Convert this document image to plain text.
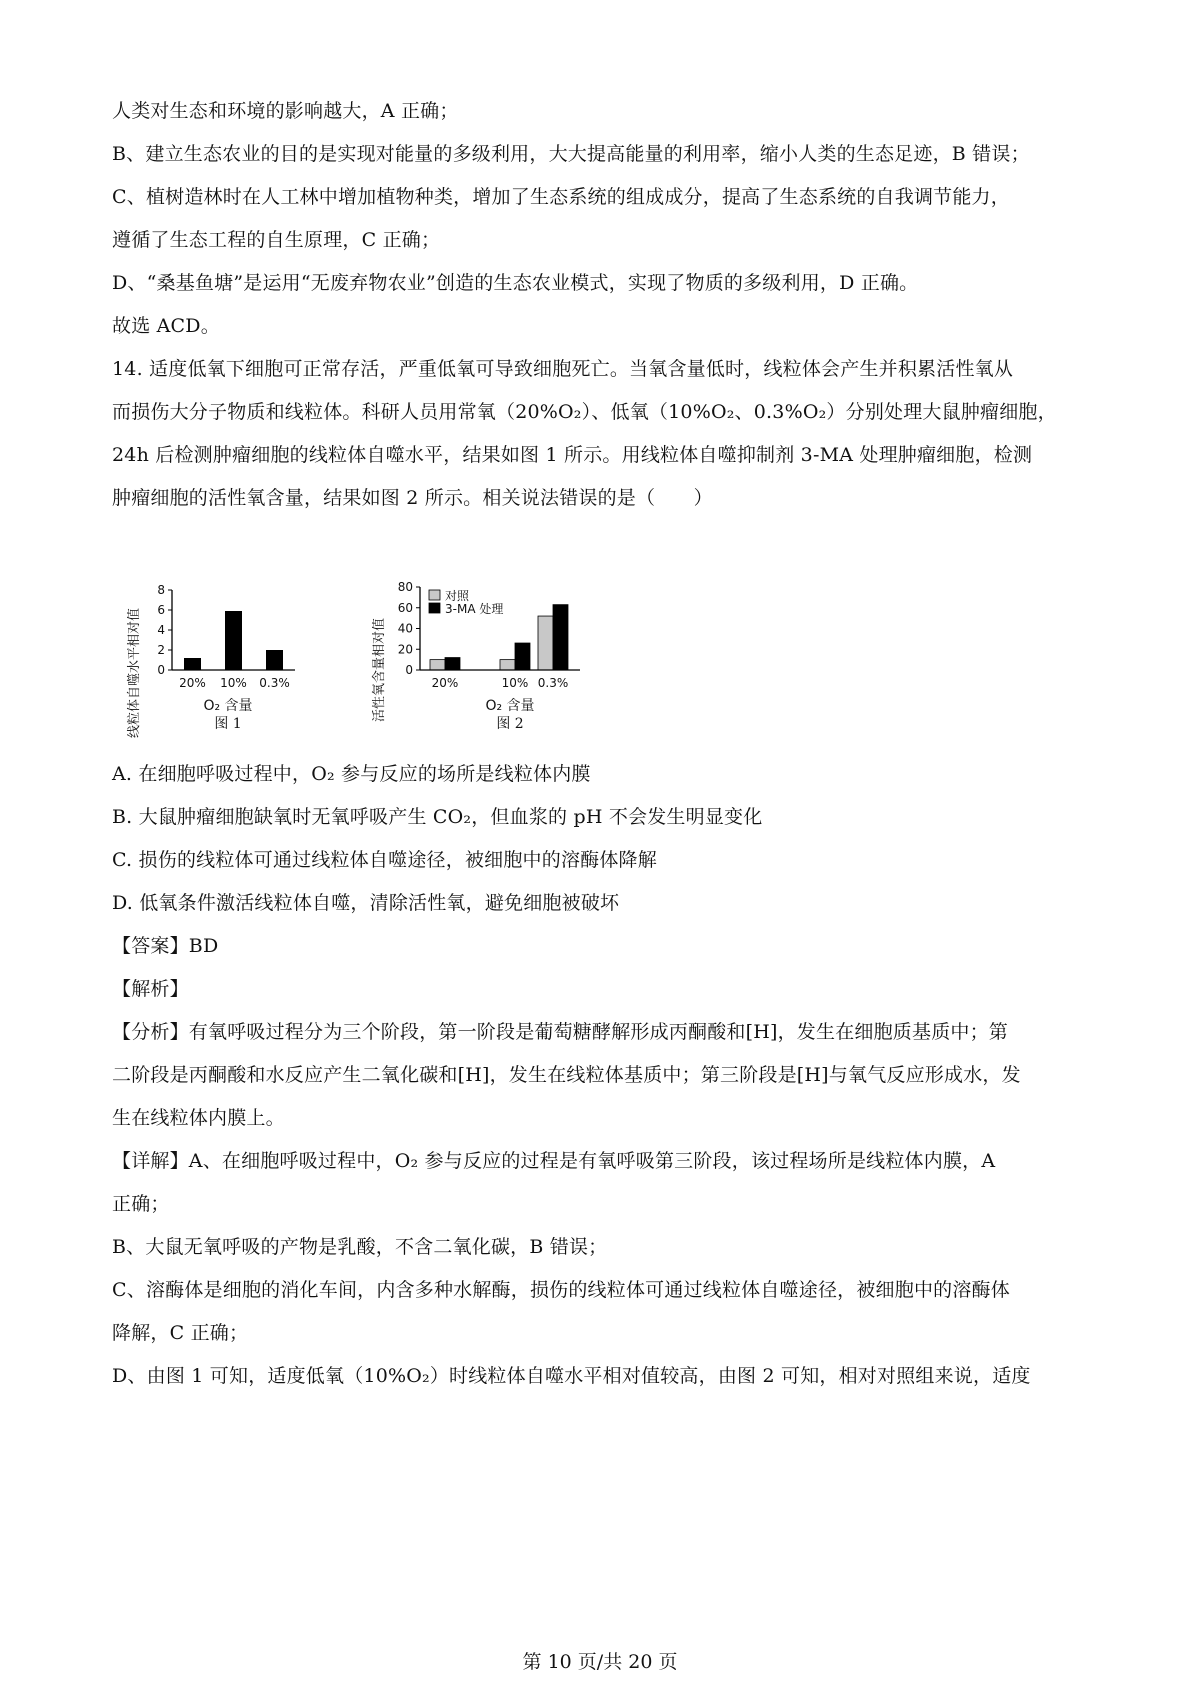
人类对生态和环境的影响越大，A 正确；
B、建立生态农业的目的是实现对能量的多级利用，大大提高能量的利用率，缩小人类的生态足迹，B 错误；
C、植树造林时在人工林中增加植物种类，增加了生态系统的组成成分，提高了生态系统的自我调节能力，
遵循了生态工程的自生原理，C 正确；
D、“桑基鱼塘”是运用“无废弃物农业”创造的生态农业模式，实现了物质的多级利用，D 正确。
故选 ACD。
14. 适度低氧下细胞可正常存活，严重低氧可导致细胞死亡。当氧含量低时，线粒体会产生并积累活性氧从
而损伤大分子物质和线粒体。科研人员用常氧（20%O₂）、低氧（10%O₂、0.3%O₂）分别处理大鼠肿瘤细胞，
24h 后检测肿瘤细胞的线粒体自噬水平，结果如图 1 所示。用线粒体自噬抑制剂 3-MA 处理肿瘤细胞，检测
肿瘤细胞的活性氧含量，结果如图 2 所示。相关说法错误的是（　　）
0
2
4
6
8
20% 10% 0.3%
线粒体自噬水平相对值	O₂ 含量
图 1
0
20
40
60
80
20%	10% 0.3%
对照
3-MA 处理
活性氧含量相对值	O₂ 含量
图 2
A. 在细胞呼吸过程中，O₂ 参与反应的场所是线粒体内膜
B. 大鼠肿瘤细胞缺氧时无氧呼吸产生 CO₂，但血浆的 pH 不会发生明显变化
C. 损伤的线粒体可通过线粒体自噬途径，被细胞中的溶酶体降解
D. 低氧条件激活线粒体自噬，清除活性氧，避免细胞被破坏
【答案】BD
【解析】
【分析】有氧呼吸过程分为三个阶段，第一阶段是葡萄糖酵解形成丙酮酸和[H]，发生在细胞质基质中；第
二阶段是丙酮酸和水反应产生二氧化碳和[H]，发生在线粒体基质中；第三阶段是[H]与氧气反应形成水，发
生在线粒体内膜上。
【详解】A、在细胞呼吸过程中，O₂ 参与反应的过程是有氧呼吸第三阶段，该过程场所是线粒体内膜，A
正确；
B、大鼠无氧呼吸的产物是乳酸，不含二氧化碳，B 错误；
C、溶酶体是细胞的消化车间，内含多种水解酶，损伤的线粒体可通过线粒体自噬途径，被细胞中的溶酶体
降解，C 正确；
D、由图 1 可知，适度低氧（10%O₂）时线粒体自噬水平相对值较高，由图 2 可知，相对对照组来说，适度
第 10 页/共 20 页
